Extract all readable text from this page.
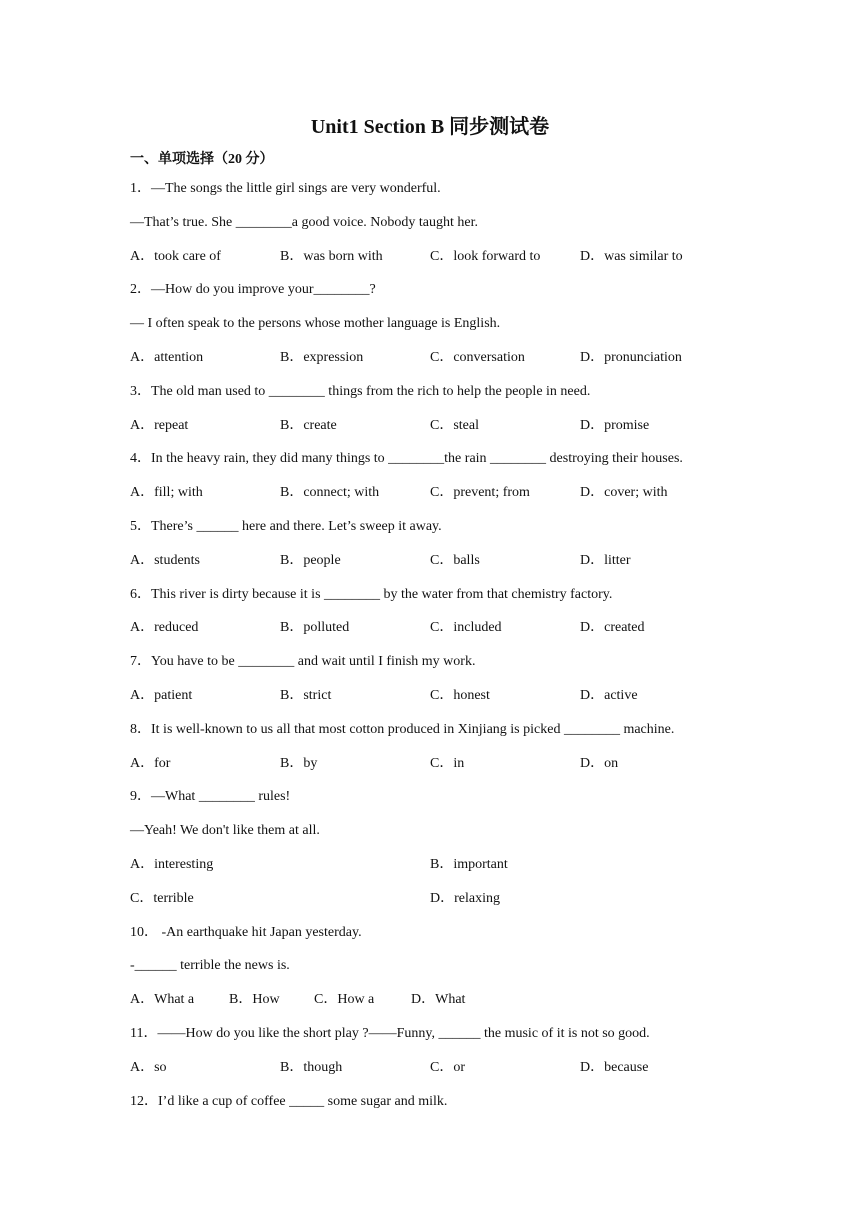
Unit1 Section B 同步测试卷
一、单项选择（20 分）
1．—The songs the little girl sings are very wonderful.
—That’s true. She ________a good voice. Nobody taught her.
A．took care of	B．was born with	C．look forward to	D．was similar to
2．—How do you improve your________?
— I often speak to the persons whose mother language is English.
A．attention	B．expression	C．conversation	D．pronunciation
3．The old man used to ________ things from the rich to help the people in need.
A．repeat	B．create	C．steal	D．promise
4．In the heavy rain, they did many things to ________the rain ________ destroying their houses.
A．fill; with	B．connect; with	C．prevent; from	D．cover; with
5．There’s ______ here and there. Let’s sweep it away.
A．students	B．people	C．balls	D．litter
6．This river is dirty because it is ________ by the water from that chemistry factory.
A．reduced	B．polluted	C．included	D．created
7．You have to be ________ and wait until I finish my work.
A．patient	B．strict	C．honest	D．active
8．It is well-known to us all that most cotton produced in Xinjiang is picked ________ machine.
A．for	B．by	C．in	D．on
9．—What ________ rules!
—Yeah! We don't like them at all.
A．interesting	B．important
C．terrible	D．relaxing
10． -An earthquake hit Japan yesterday.
-______ terrible the news is.
A．What a B．How C．How a	D．What
11．——How do you like the short play ?——Funny, ______ the music of it is not so good.
A．so	B．though	C．or	D．because
12．I’d like a cup of coffee _____ some sugar and milk.
